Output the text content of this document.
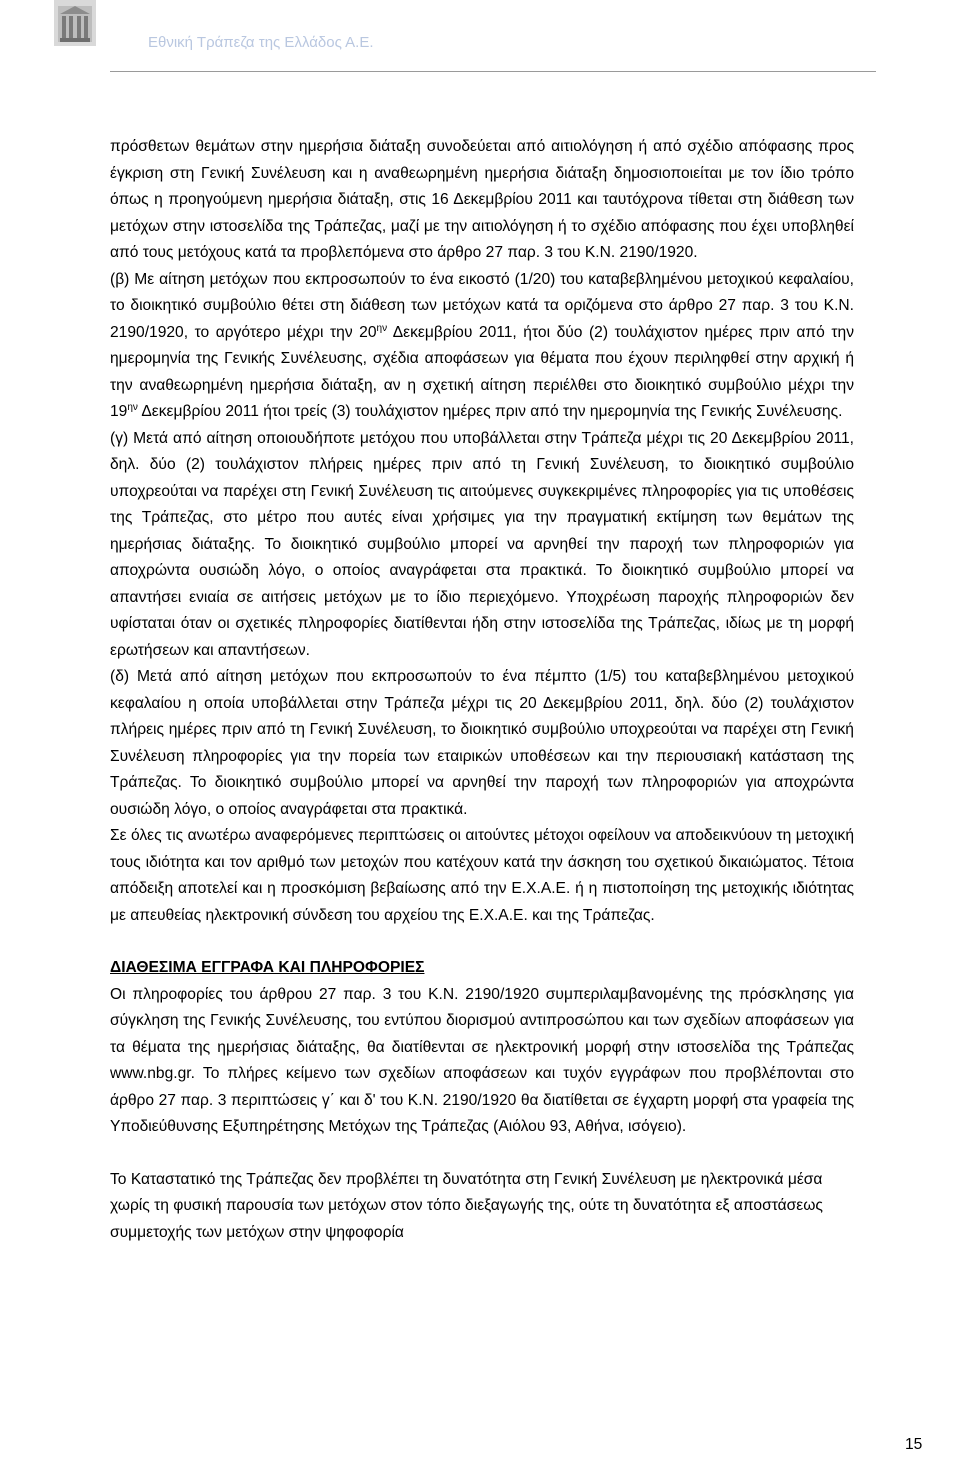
Εθνική Τράπεζα της Ελλάδος Α.Ε.

πρόσθετων θεμάτων στην ημερήσια διάταξη συνοδεύεται από αιτιολόγηση ή από σχέδιο απόφασης προς έγκριση στη Γενική Συνέλευση και η αναθεωρημένη ημερήσια διάταξη δημοσιοποιείται με τον ίδιο τρόπο όπως η προηγούμενη ημερήσια διάταξη, στις 16 Δεκεμβρίου 2011 και ταυτόχρονα τίθεται στη διάθεση των μετόχων στην ιστοσελίδα της Τράπεζας, μαζί με την αιτιολόγηση ή το σχέδιο απόφασης που έχει υποβληθεί από τους μετόχους κατά τα προβλεπόμενα στο άρθρο 27 παρ. 3 του Κ.Ν. 2190/1920.

(β) Με αίτηση μετόχων που εκπροσωπούν το ένα εικοστό (1/20) του καταβεβλημένου μετοχικού κεφαλαίου, το διοικητικό συμβούλιο θέτει στη διάθεση των μετόχων κατά τα οριζόμενα στο άρθρο 27 παρ. 3 του Κ.Ν. 2190/1920, το αργότερο μέχρι την $20^{\eta\nu}$ Δεκεμβρίου 2011, ήτοι δύο (2) τουλάχιστον ημέρες πριν από την ημερομηνία της Γενικής Συνέλευσης, σχέδια αποφάσεων για θέματα που έχουν περιληφθεί στην αρχική ή την αναθεωρημένη ημερήσια διάταξη, αν η σχετική αίτηση περιέλθει στο διοικητικό συμβούλιο μέχρι την $19^{\eta\nu}$ Δεκεμβρίου 2011 ήτοι τρείς (3) τουλάχιστον ημέρες πριν από την ημερομηνία της Γενικής Συνέλευσης.

(γ) Μετά από αίτηση οποιουδήποτε μετόχου που υποβάλλεται στην Τράπεζα μέχρι τις 20 Δεκεμβρίου 2011, δηλ. δύο (2) τουλάχιστον πλήρεις ημέρες πριν από τη Γενική Συνέλευση, το διοικητικό συμβούλιο υποχρεούται να παρέχει στη Γενική Συνέλευση τις αιτούμενες συγκεκριμένες πληροφορίες για τις υποθέσεις της Τράπεζας, στο μέτρο που αυτές είναι χρήσιμες για την πραγματική εκτίμηση των θεμάτων της ημερήσιας διάταξης. Το διοικητικό συμβούλιο μπορεί να αρνηθεί την παροχή των πληροφοριών για αποχρώντα ουσιώδη λόγο, ο οποίος αναγράφεται στα πρακτικά. Το διοικητικό συμβούλιο μπορεί να απαντήσει ενιαία σε αιτήσεις μετόχων με το ίδιο περιεχόμενο. Υποχρέωση παροχής πληροφοριών δεν υφίσταται όταν οι σχετικές πληροφορίες διατίθενται ήδη στην ιστοσελίδα της Τράπεζας, ιδίως με τη μορφή ερωτήσεων και απαντήσεων.

(δ) Μετά από αίτηση μετόχων που εκπροσωπούν το ένα πέμπτο (1/5) του καταβεβλημένου μετοχικού κεφαλαίου η οποία υποβάλλεται στην Τράπεζα μέχρι τις 20 Δεκεμβρίου 2011, δηλ. δύο (2) τουλάχιστον πλήρεις ημέρες πριν από τη Γενική Συνέλευση, το διοικητικό συμβούλιο υποχρεούται να παρέχει στη Γενική Συνέλευση πληροφορίες για την πορεία των εταιρικών υποθέσεων και την περιουσιακή κατάσταση της Τράπεζας. Το διοικητικό συμβούλιο μπορεί να αρνηθεί την παροχή των πληροφοριών για αποχρώντα ουσιώδη λόγο, ο οποίος αναγράφεται στα πρακτικά.

Σε όλες τις ανωτέρω αναφερόμενες περιπτώσεις οι αιτούντες μέτοχοι οφείλουν να αποδεικνύουν τη μετοχική τους ιδιότητα και τον αριθμό των μετοχών που κατέχουν κατά την άσκηση του σχετικού δικαιώματος. Τέτοια απόδειξη αποτελεί και η προσκόμιση βεβαίωσης από την Ε.Χ.Α.Ε. ή η πιστοποίηση της μετοχικής ιδιότητας με απευθείας ηλεκτρονική σύνδεση του αρχείου της Ε.Χ.Α.Ε. και της Τράπεζας.

ΔΙΑΘΕΣΙΜΑ ΕΓΓΡΑΦΑ ΚΑΙ ΠΛΗΡΟΦΟΡΙΕΣ

Οι πληροφορίες του άρθρου 27 παρ. 3 του Κ.Ν. 2190/1920 συμπεριλαμβανομένης της πρόσκλησης για σύγκληση της Γενικής Συνέλευσης, του εντύπου διορισμού αντιπροσώπου και των σχεδίων αποφάσεων για τα θέματα της ημερήσιας διάταξης, θα διατίθενται σε ηλεκτρονική μορφή στην ιστοσελίδα της Τράπεζας www.nbg.gr. Το πλήρες κείμενο των σχεδίων αποφάσεων και τυχόν εγγράφων που προβλέπονται στο άρθρο 27 παρ. 3 περιπτώσεις γ΄ και δ' του Κ.Ν. 2190/1920 θα διατίθεται σε έγχαρτη μορφή στα γραφεία της Υποδιεύθυνσης Εξυπηρέτησης Μετόχων της Τράπεζας (Αιόλου 93, Αθήνα, ισόγειο).

Το Καταστατικό της Τράπεζας δεν προβλέπει τη δυνατότητα στη Γενική Συνέλευση με ηλεκτρονικά μέσα χωρίς τη φυσική παρουσία των μετόχων στον τόπο διεξαγωγής της, ούτε τη δυνατότητα εξ αποστάσεως συμμετοχής των μετόχων στην ψηφοφορία

15
